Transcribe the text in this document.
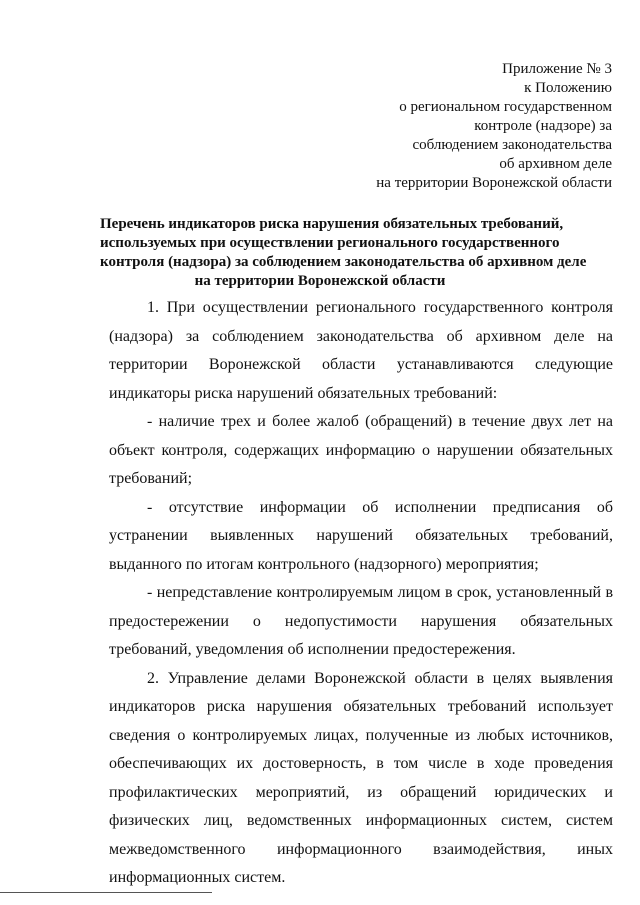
Приложение № 3
к Положению
о региональном государственном
контроле (надзоре) за
соблюдением законодательства
об архивном деле
на территории Воронежской области
Перечень индикаторов риска нарушения обязательных требований,
используемых при осуществлении регионального государственного
контроля (надзора) за соблюдением законодательства об архивном деле
на территории Воронежской области

1. При осуществлении регионального государственного контроля (надзора) за соблюдением законодательства об архивном деле на территории Воронежской области устанавливаются следующие индикаторы риска нарушений обязательных требований:

- наличие трех и более жалоб (обращений) в течение двух лет на объект контроля, содержащих информацию о нарушении обязательных требований;

- отсутствие информации об исполнении предписания об устранении выявленных нарушений обязательных требований, выданного по итогам контрольного (надзорного) мероприятия;

- непредставление контролируемым лицом в срок, установленный в предостережении о недопустимости нарушения обязательных требований, уведомления об исполнении предостережения.

2. Управление делами Воронежской области в целях выявления индикаторов риска нарушения обязательных требований использует сведения о контролируемых лицах, полученные из любых источников, обеспечивающих их достоверность, в том числе в ходе проведения профилактических мероприятий, из обращений юридических и физических лиц, ведомственных информационных систем, систем межведомственного информационного взаимодействия, иных информационных систем.
